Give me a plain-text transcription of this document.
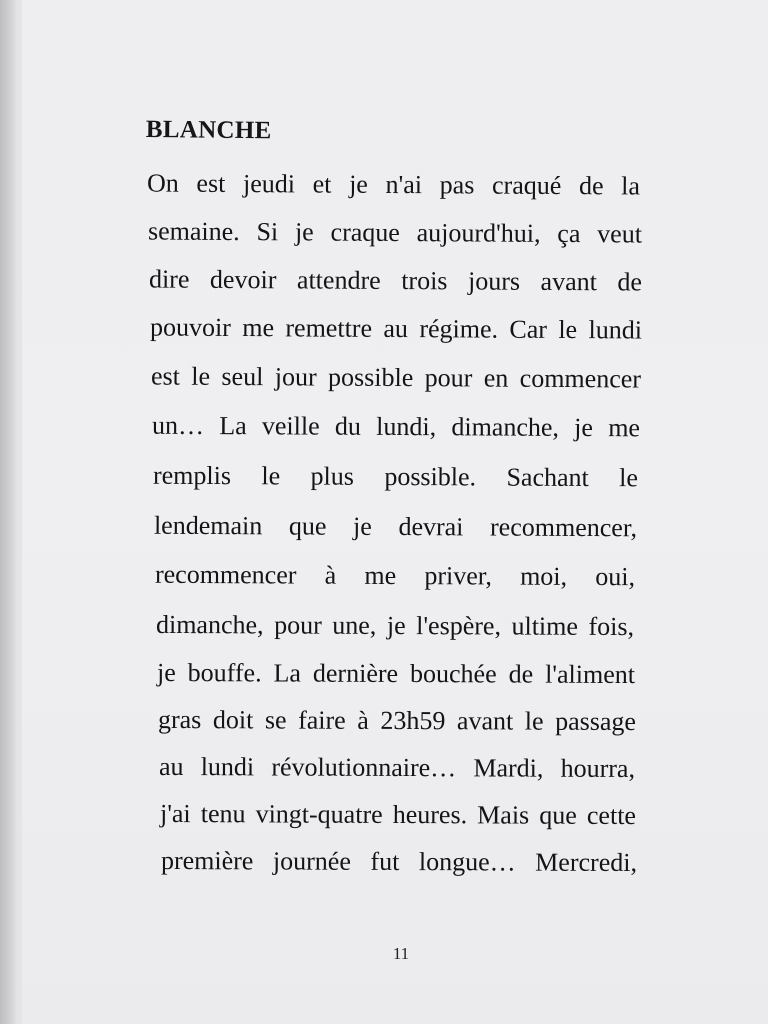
BLANCHE

On est jeudi et je n'ai pas craqué de la

semaine. Si je craque aujourd'hui, ça veut

dire devoir attendre trois jours avant de

pouvoir me remettre au régime. Car le lundi

est le seul jour possible pour en commencer

un… La veille du lundi, dimanche, je me

remplis le plus possible. Sachant le

lendemain que je devrai recommencer,

recommencer à me priver, moi, oui,

dimanche, pour une, je l'espère, ultime fois,

je bouffe. La dernière bouchée de l'aliment

gras doit se faire à 23h59 avant le passage

au lundi révolutionnaire… Mardi, hourra,

j'ai tenu vingt-quatre heures. Mais que cette

première journée fut longue… Mercredi,

11
